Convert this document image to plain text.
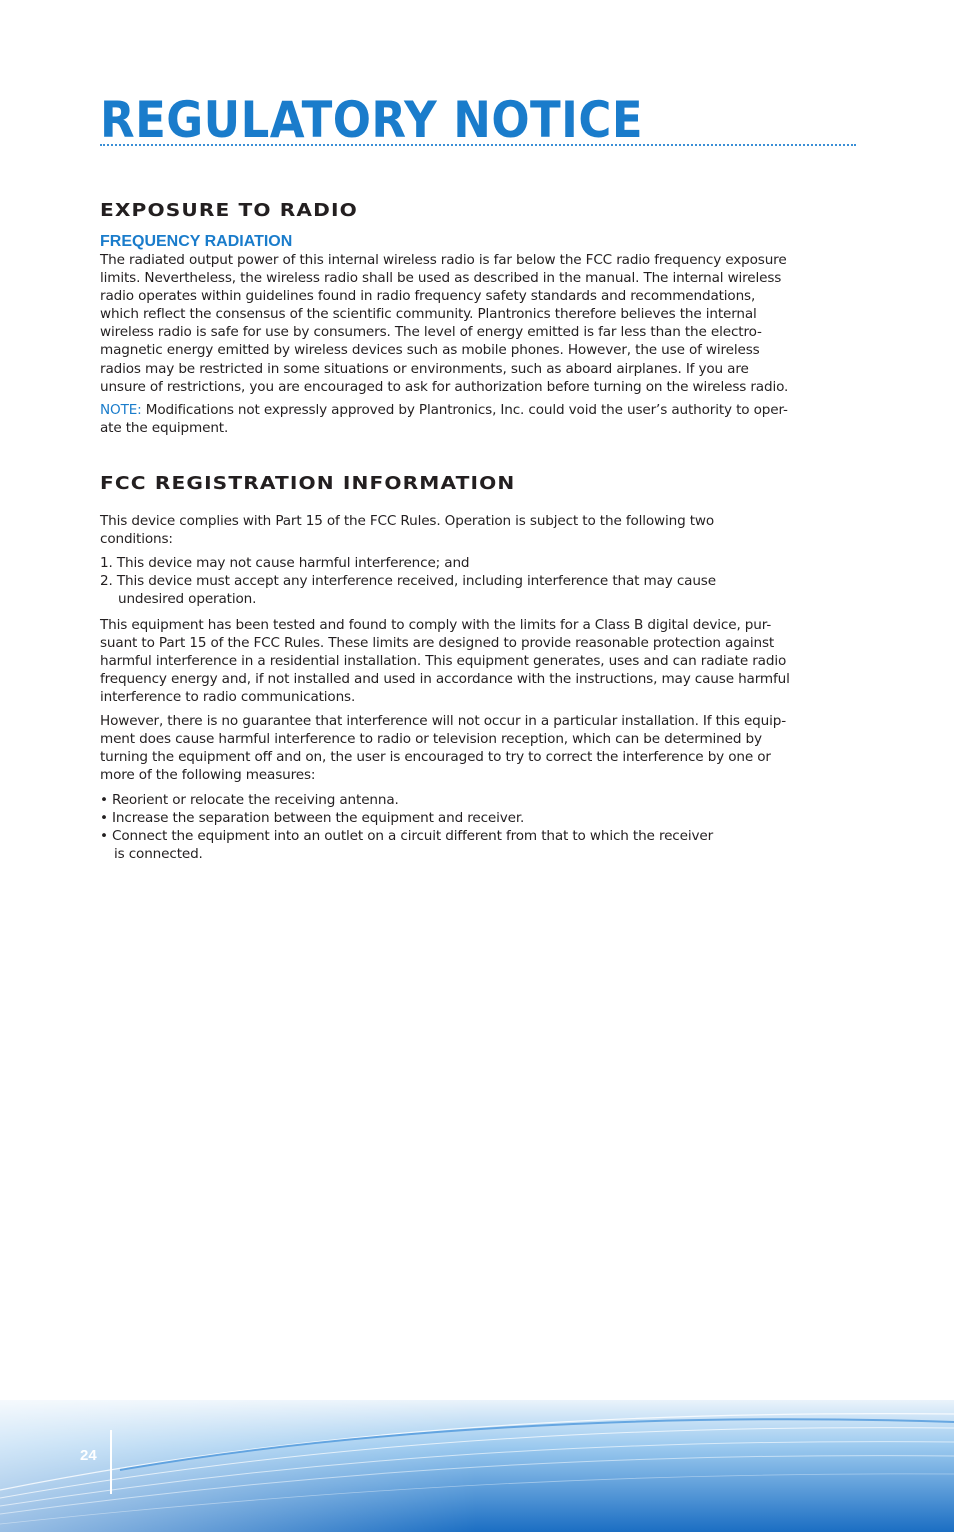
REGULATORY NOTICE
EXPOSURE TO RADIO
FREQUENCY RADIATION
The radiated output power of this internal wireless radio is far below the FCC radio frequency exposure
limits. Nevertheless, the wireless radio shall be used as described in the manual. The internal wireless
radio operates within guidelines found in radio frequency safety standards and recommendations,
which reflect the consensus of the scientific community. Plantronics therefore believes the internal
wireless radio is safe for use by consumers. The level of energy emitted is far less than the electro-
magnetic energy emitted by wireless devices such as mobile phones. However, the use of wireless
radios may be restricted in some situations or environments, such as aboard airplanes. If you are
unsure of restrictions, you are encouraged to ask for authorization before turning on the wireless radio.
NOTE: Modifications not expressly approved by Plantronics, Inc. could void the user’s authority to oper-
ate the equipment.
FCC REGISTRATION INFORMATION
This device complies with Part 15 of the FCC Rules. Operation is subject to the following two
conditions:
1. This device may not cause harmful interference; and
2. This device must accept any interference received, including interference that may cause
undesired operation.
This equipment has been tested and found to comply with the limits for a Class B digital device, pur-
suant to Part 15 of the FCC Rules. These limits are designed to provide reasonable protection against
harmful interference in a residential installation. This equipment generates, uses and can radiate radio
frequency energy and, if not installed and used in accordance with the instructions, may cause harmful
interference to radio communications.
However, there is no guarantee that interference will not occur in a particular installation. If this equip-
ment does cause harmful interference to radio or television reception, which can be determined by
turning the equipment off and on, the user is encouraged to try to correct the interference by one or
more of the following measures:
• Reorient or relocate the receiving antenna.
• Increase the separation between the equipment and receiver.
• Connect the equipment into an outlet on a circuit different from that to which the receiver
is connected.
24
